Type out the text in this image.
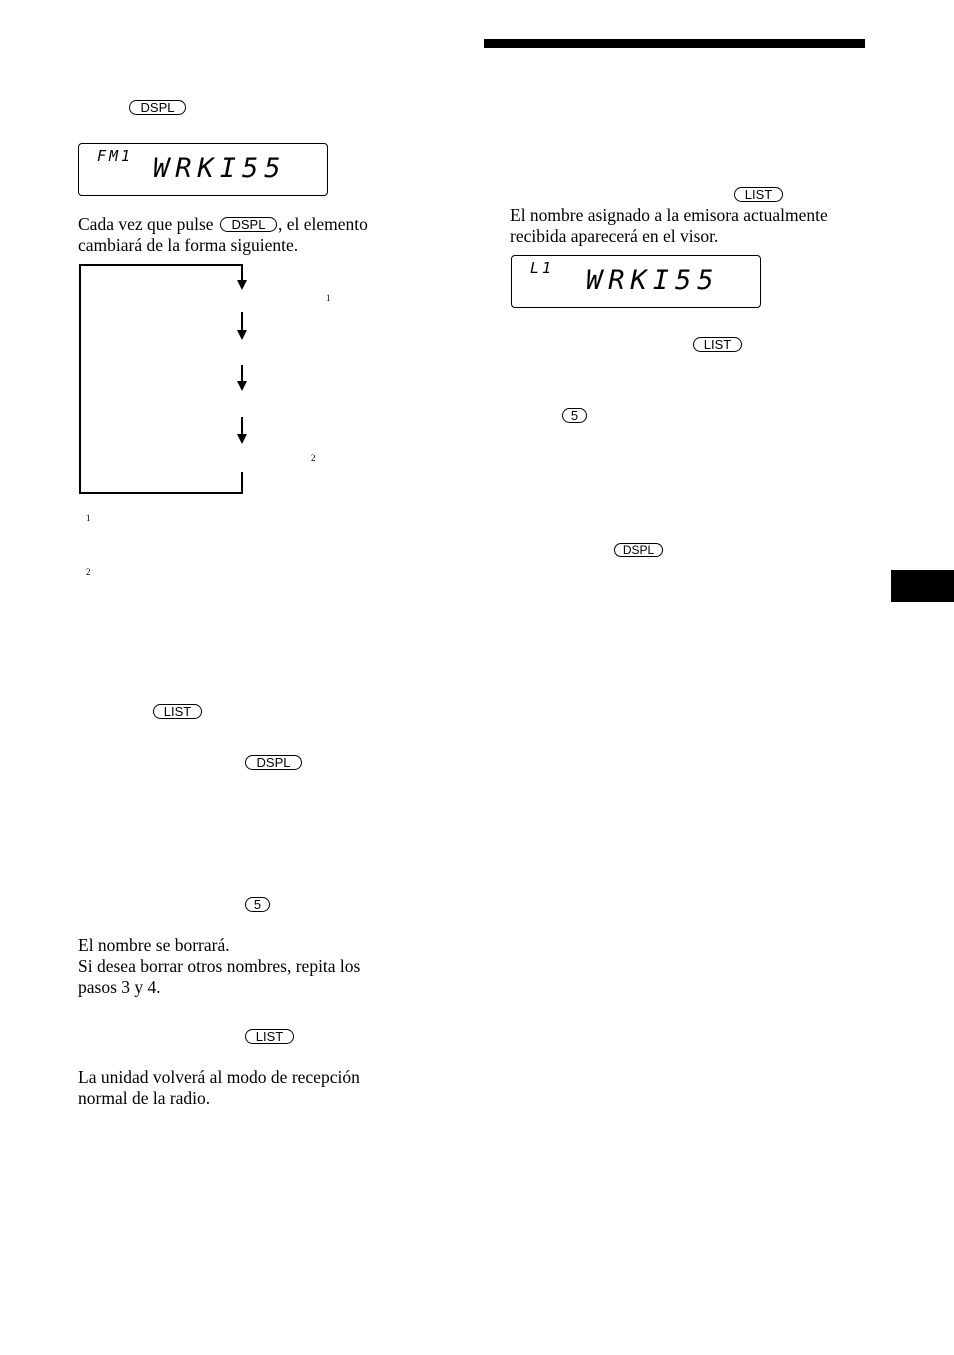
DSPL
FM1 WRKI55
Cada vez que pulse	DSPL , el elemento
cambiará de la forma siguiente.
1
2
1
2
LIST
DSPL
5
El nombre se borrará.
Si desea borrar otros nombres, repita los
pasos 3 y 4.
LIST
La unidad volverá al modo de recepción
normal de la radio.
LIST
El nombre asignado a la emisora actualmente
recibida aparecerá en el visor.
L1 WRKI55
LIST
5
DSPL
